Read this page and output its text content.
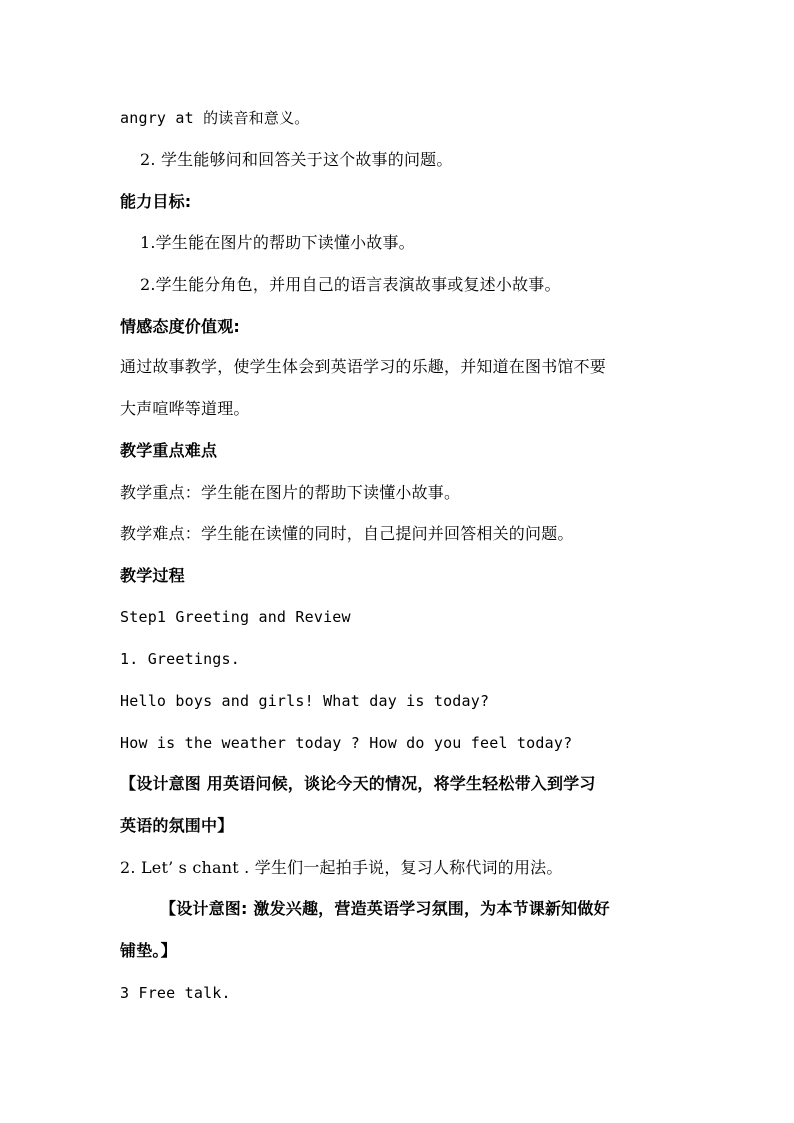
angry at 的读音和意义。
2. 学生能够问和回答关于这个故事的问题。
能力目标:
1.学生能在图片的帮助下读懂小故事。
2.学生能分角色，并用自己的语言表演故事或复述小故事。
情感态度价值观:
通过故事教学，使学生体会到英语学习的乐趣，并知道在图书馆不要
大声喧哗等道理。
教学重点难点
教学重点：学生能在图片的帮助下读懂小故事。
教学难点：学生能在读懂的同时，自己提问并回答相关的问题。
教学过程
Step1 Greeting and Review
1. Greetings.
Hello boys and girls! What day is today?
How is the weather today ? How do you feel today?
【设计意图 用英语问候，谈论今天的情况，将学生轻松带入到学习
英语的氛围中】
2. Let’ s chant . 学生们一起拍手说，复习人称代词的用法。
【设计意图: 激发兴趣，营造英语学习氛围，为本节课新知做好
铺垫。】
3 Free talk.
